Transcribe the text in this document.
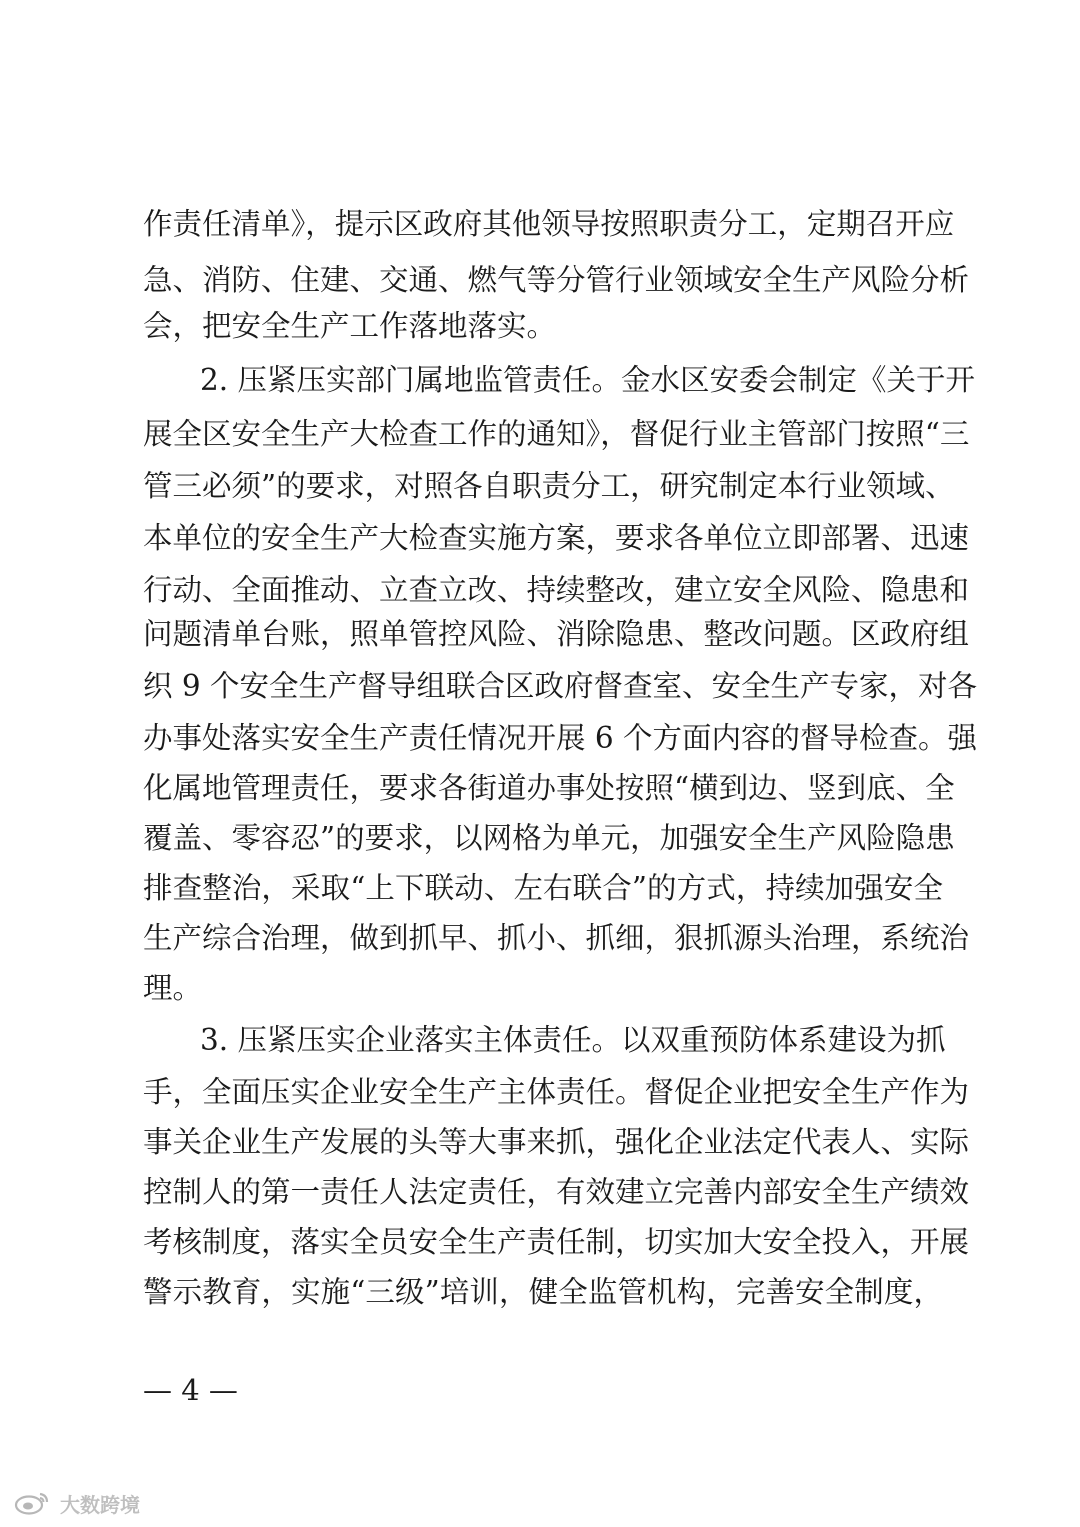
作责任清单》，提示区政府其他领导按照职责分工，定期召开应
急、消防、住建、交通、燃气等分管行业领域安全生产风险分析
会，把安全生产工作落地落实。
2. 压紧压实部门属地监管责任。金水区安委会制定《关于开
展全区安全生产大检查工作的通知》，督促行业主管部门按照“三
管三必须”的要求，对照各自职责分工，研究制定本行业领域、
本单位的安全生产大检查实施方案，要求各单位立即部署、迅速
行动、全面推动、立查立改、持续整改，建立安全风险、隐患和
问题清单台账，照单管控风险、消除隐患、整改问题。区政府组
织 9 个安全生产督导组联合区政府督查室、安全生产专家，对各
办事处落实安全生产责任情况开展 6 个方面内容的督导检查。强
化属地管理责任，要求各街道办事处按照“横到边、竖到底、全
覆盖、零容忍”的要求，以网格为单元，加强安全生产风险隐患
排查整治，采取“上下联动、左右联合”的方式，持续加强安全
生产综合治理，做到抓早、抓小、抓细，狠抓源头治理，系统治
理。
3. 压紧压实企业落实主体责任。以双重预防体系建设为抓
手，全面压实企业安全生产主体责任。督促企业把安全生产作为
事关企业生产发展的头等大事来抓，强化企业法定代表人、实际
控制人的第一责任人法定责任，有效建立完善内部安全生产绩效
考核制度，落实全员安全生产责任制，切实加大安全投入，开展
警示教育，实施“三级”培训，健全监管机构，完善安全制度，
— 4 —
大数跨境
